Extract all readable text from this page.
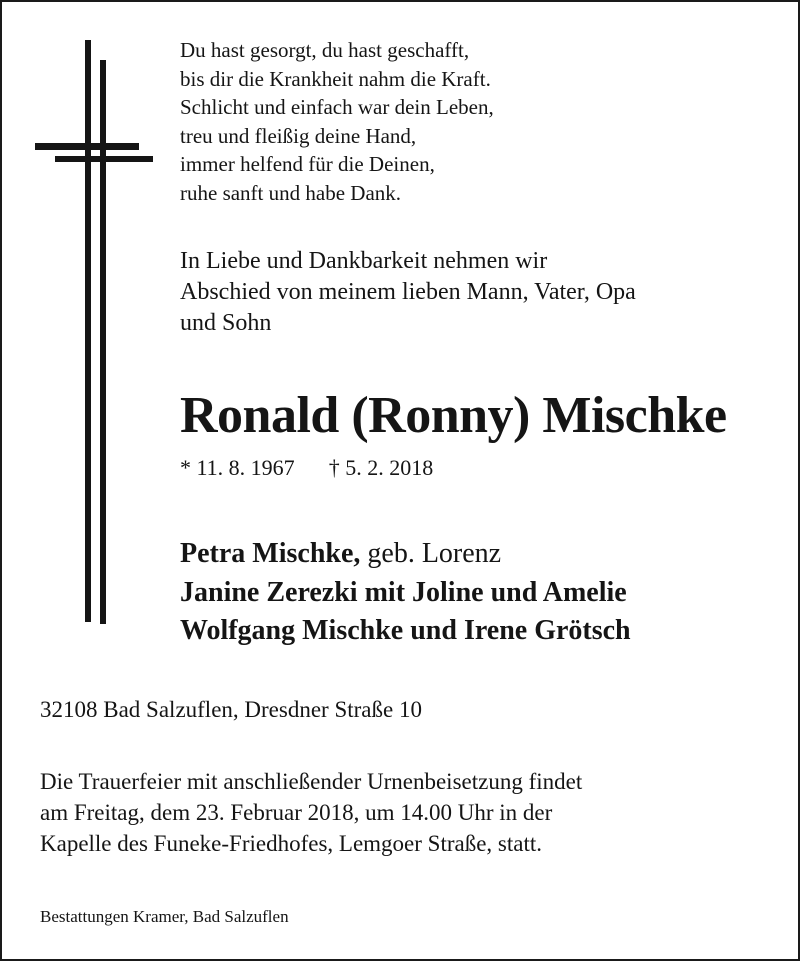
Du hast gesorgt, du hast geschafft,
bis dir die Krankheit nahm die Kraft.
Schlicht und einfach war dein Leben,
treu und fleißig deine Hand,
immer helfend für die Deinen,
ruhe sanft und habe Dank.
In Liebe und Dankbarkeit nehmen wir
Abschied von meinem lieben Mann, Vater, Opa
und Sohn
Ronald (Ronny) Mischke
* 11. 8. 1967 † 5. 2. 2018
Petra Mischke, geb. Lorenz
Janine Zerezki mit Joline und Amelie
Wolfgang Mischke und Irene Grötsch
32108 Bad Salzuflen, Dresdner Straße 10
Die Trauerfeier mit anschließender Urnenbeisetzung findet
am Freitag, dem 23. Februar 2018, um 14.00 Uhr in der
Kapelle des Funeke-Friedhofes, Lemgoer Straße, statt.
Bestattungen Kramer, Bad Salzuflen
